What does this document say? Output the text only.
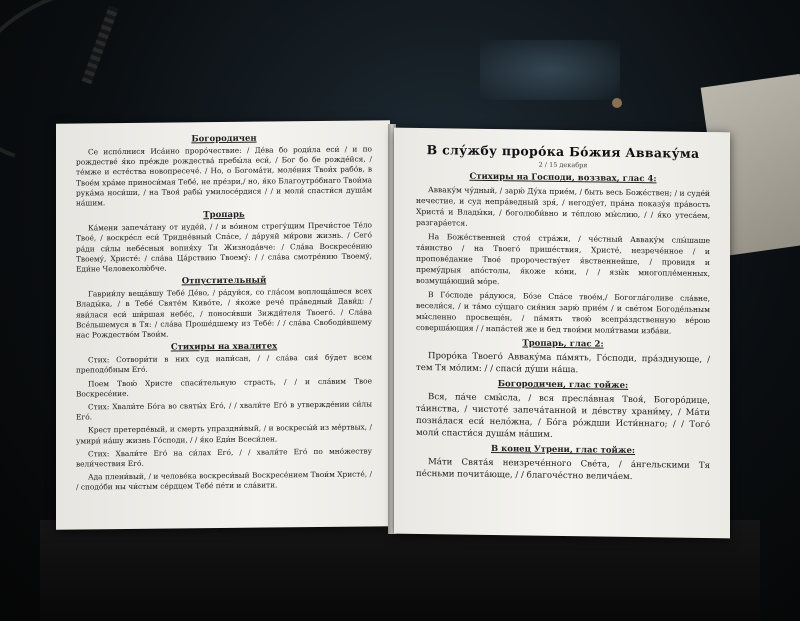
Богородичен

Се испо́лнися Иса́ино проро́чествие: / Де́ва бо роди́ла еси́ / и по рождестве́ я́ко пре́жде рождества́ пребы́ла еси́, / Бог бо бе рожде́йся, / те́мже и есте́ства новопресече́. / Но, о Богома́ти, моле́ния Твои́х рабо́в, в Твое́м хра́ме приноси́мая Тебе́, не пре́зри,/ но, я́ко Благоутро́бнаго Твои́ма рука́ма носи́ши, / на Твоя́ рабы́ умилосе́рдися / / и моли́ спасти́ся душа́м на́шим.

Тропарь

Ка́мени запеча́тану от иуде́й, / / и во́ином стрегу́щим Пречи́стое Те́ло Твое́, / воскре́сл еси́ Тридне́вный Спа́се, / да́руяй ми́рови жизнь. / Сего́ ра́ди си́лы небе́сныя вопия́ху Ти Жизнода́вче: / Сла́ва Воскресе́нию Твоему́, Христе́: / сла́ва Ца́рствию Твоему́: / / сла́ва смотре́нию Твоему́, Еди́не Человеколю́бче.

Отпустительный

Гаврии́лу веща́вшу Тебе́ Де́во, / ра́дуйся, со гла́сом воплоща́шеся всех Влады́ка, / в Тебе́ Святе́м Киво́те, / я́коже рече́ пра́ведный Дави́д: / яви́лася еси́ ши́ршая небе́с, / поноси́вши Зижди́теля Твоего́. / Сла́ва Все́льшемуся в Тя: / сла́ва Проше́дшему из Тебе́: / / сла́ва Свободи́вшему нас Рождество́м Твои́м.

Стихиры на хвалитех

Стих: Сотвори́ти в них суд напи́сан, / / сла́ва сия́ бу́дет всем преподо́бным Его́.

Поем Твою́ Христе спаси́тельную страсть, / / и сла́вим Твое Воскресе́ние.

Стих: Хвали́те Бо́га во святы́х Его́, / / хвали́те Его́ в утвержде́нии си́лы Его́.

Крест претерпе́вый, и смерть упраздни́вый, / и воскресы́й из ме́ртвых, / умири́ на́шу жизнь Го́споди, / / я́ко Еди́н Всеси́лен.

Стих: Хвали́те Его́ на си́лах Его́, / / хвали́те Его́ по мно́жеству вели́чествия Его́.

Ада плени́вый, / и челове́ка воскреси́вый Воскресе́нием Твои́м Христе́, / / сподо́би ны чи́стым се́рдцем Тебе́ пе́ти и сла́вити.

В слу́жбу проро́ка Бо́жия Авваку́ма
2 / 15 декабря
Стихиры на Господи, воззвах, глас 4:

Авваку́м чу́дный, / зарю́ Ду́ха прие́м, / быть весь Боже́ствен; / и суде́й нечестие, и суд непра́ведный зря́, / негоду́ет, пра́на показу́я пра́вость Христа́ и Влады́ки, / боголюби́вно и те́плою мы́слию, / / я́ко утеса́ем, разгара́ется.

На Боже́ственней стоя́ стра́жи, / че́стный Авваку́м слы́шаше та́инство / на Твоего́ прише́ствия, Христе́, незрече́нное / и пропове́дание Твое́ пророчеству́ет я́вственнейше, / провидя и прему́дрыя апо́столы, я́коже ко́ни, / / язы́к многопле́менных, возмуща́ющий мо́ре.

В Го́споде ра́дуюся, Бо́зе Спа́се твое́м,/ Богогла́голиве сла́вне, весели́ся, / и та́мо су́щаго сия́ния зарю́ прие́м / и све́том Богоде́льным мы́сленно просвеще́н, / па́мять твою́ всепра́здственную ве́рою соверша́ющия / / напа́стей же и бед твои́ми моли́твами изба́ви.

Тропарь, глас 2:

Проро́ка Твоего́ Авваку́ма па́мять, Го́споди, пра́зднующе, / тем Тя мо́лим: / / спаси́ ду́ши на́ша.

Богородичен, глас тойже:

Вся, па́че смы́сла, / вся пресла́вная Твоя́, Богоро́дице, та́инства, / чистоте́ запеча́танной и де́вству храни́му, / Ма́ти позна́лася еси́ нело́жна, / Бо́га ро́ждши Исти́ннаго; / / Того́ моли́ спасти́ся душа́м на́шим.

В конец Утрени, глас тойже:

Ма́ти Свята́я неизрече́нного Све́та, / а́нгельскими Тя пе́сньми почита́юще, / / благоче́стно велича́ем.
